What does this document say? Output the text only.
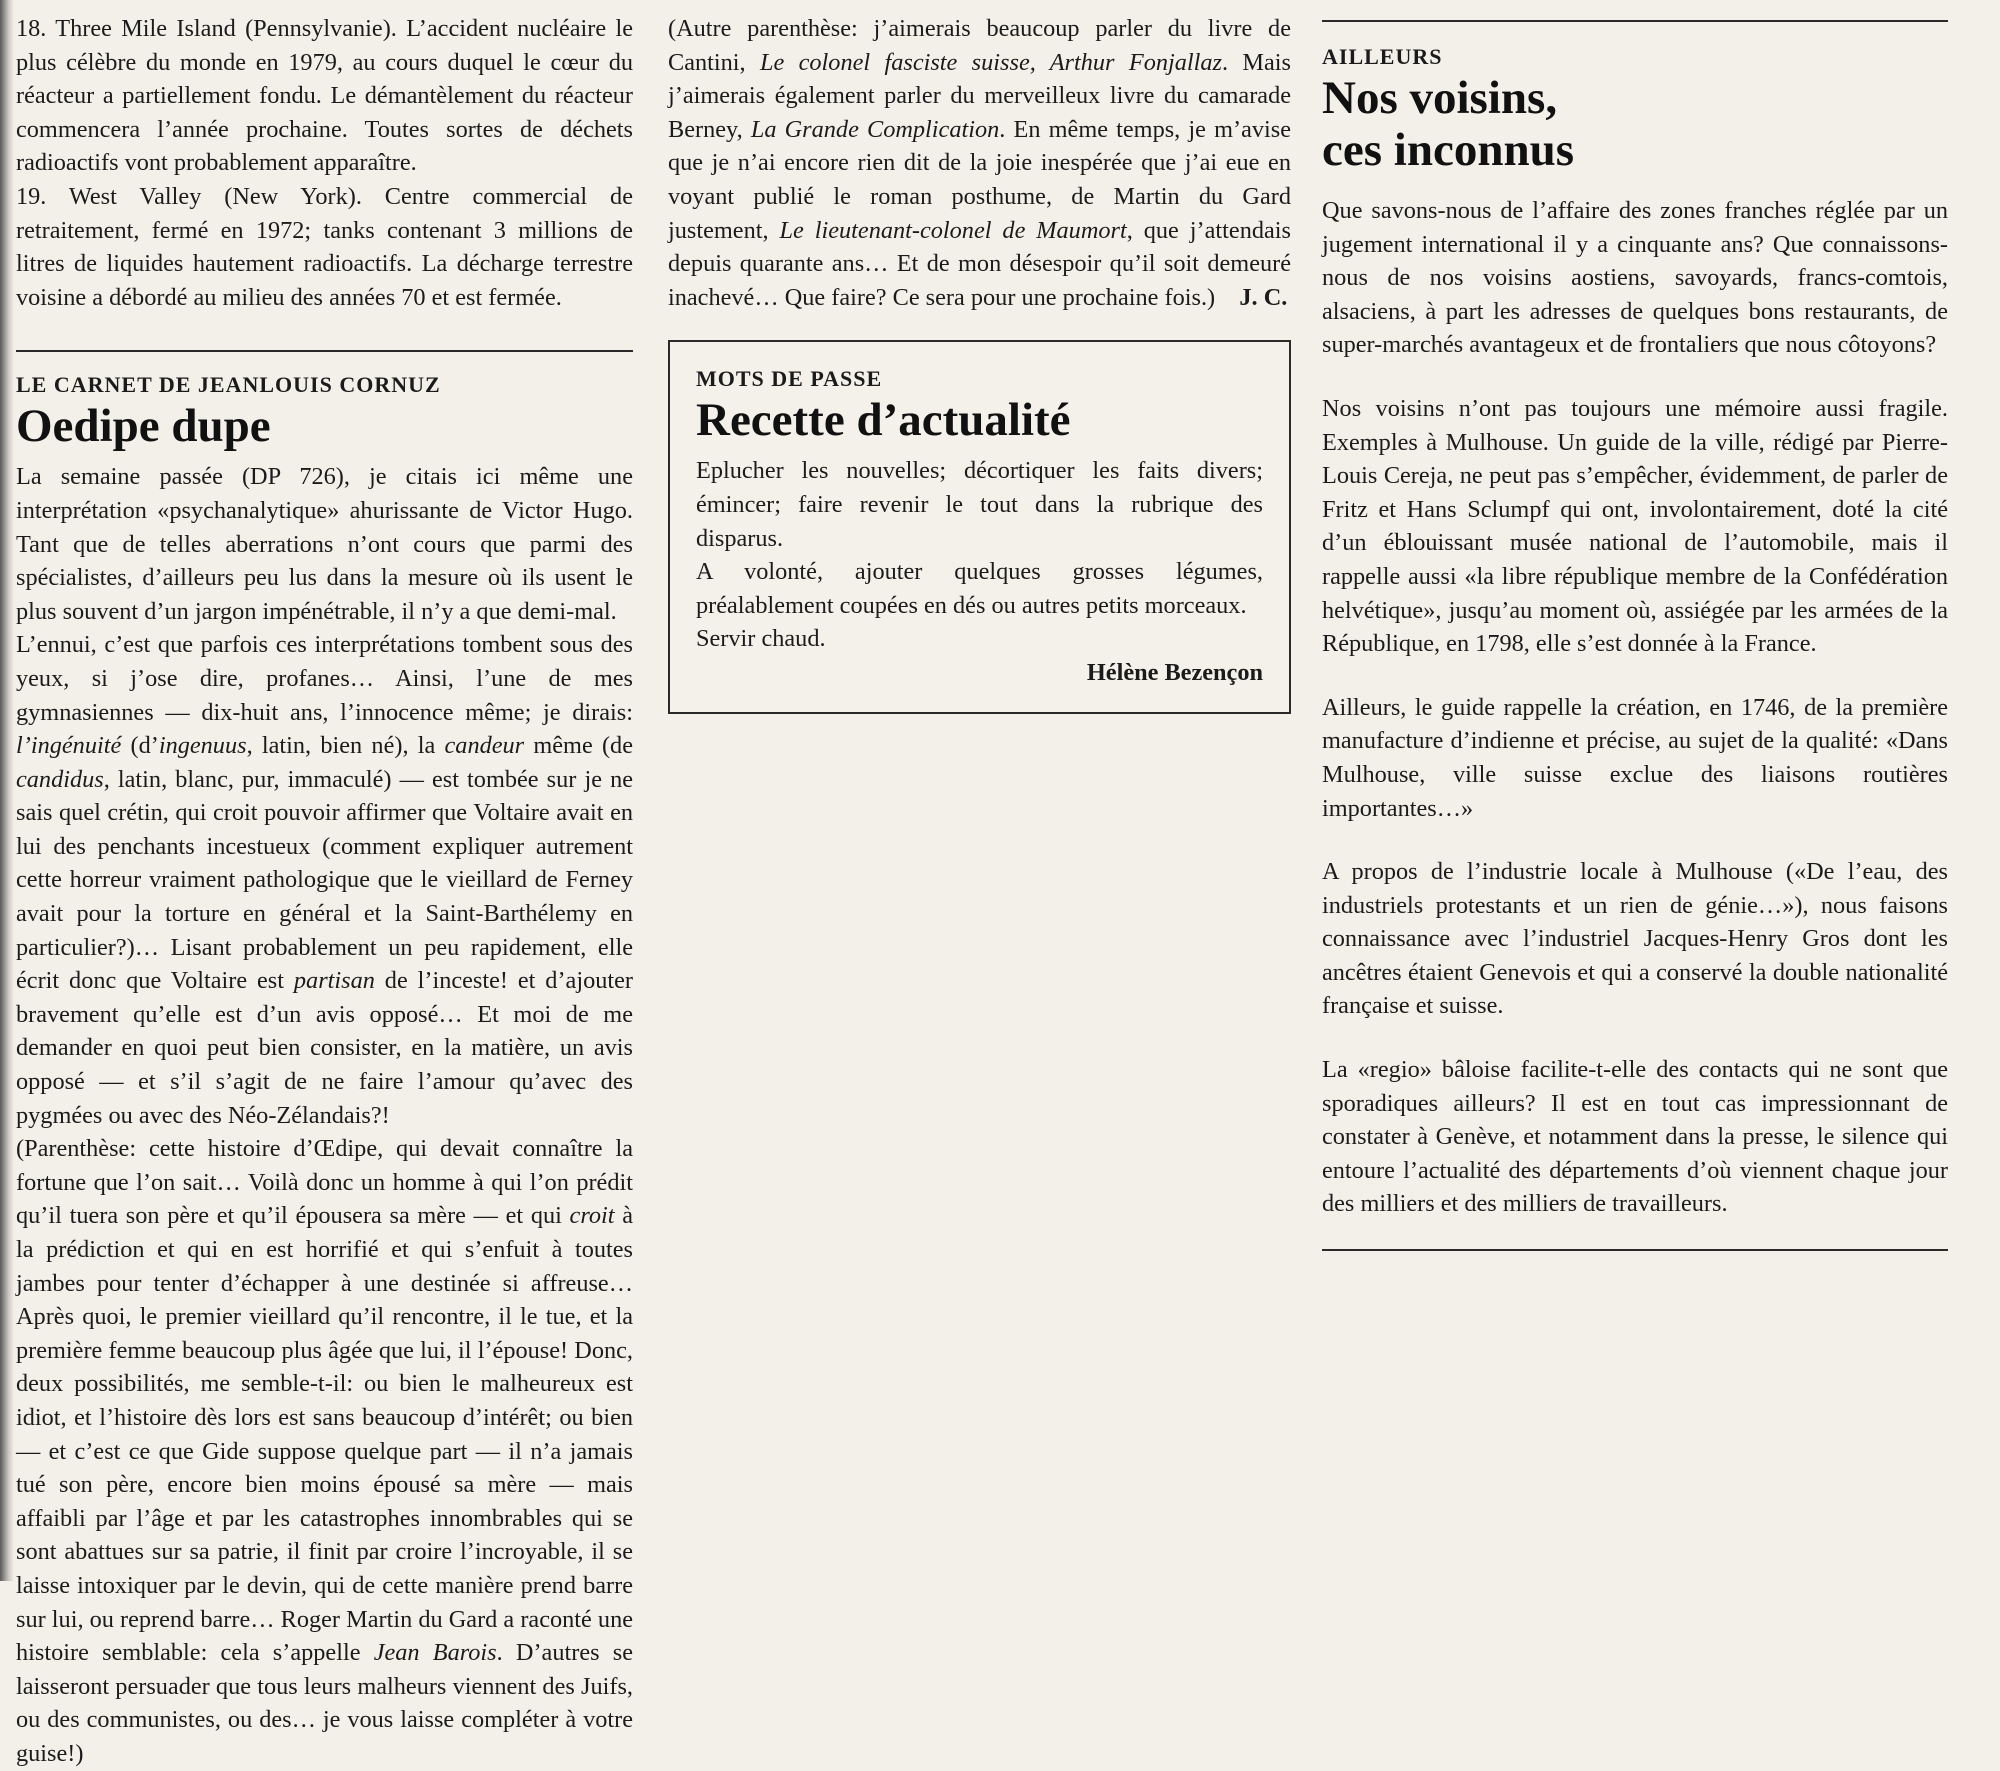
18. Three Mile Island (Pennsylvanie). L’accident nucléaire le plus célèbre du monde en 1979, au cours duquel le cœur du réacteur a partiellement fondu. Le démantèlement du réacteur commencera l’année prochaine. Toutes sortes de déchets radioactifs vont probablement apparaître.

19. West Valley (New York). Centre commercial de retraitement, fermé en 1972; tanks contenant 3 millions de litres de liquides hautement radioactifs. La décharge terrestre voisine a débordé au milieu des années 70 et est fermée.

LE CARNET DE JEANLOUIS CORNUZ
Oedipe dupe

La semaine passée (DP 726), je citais ici même une interprétation «psychanalytique» ahurissante de Victor Hugo. Tant que de telles aberrations n’ont cours que parmi des spécialistes, d’ailleurs peu lus dans la mesure où ils usent le plus souvent d’un jargon impénétrable, il n’y a que demi-mal.

L’ennui, c’est que parfois ces interprétations tombent sous des yeux, si j’ose dire, profanes… Ainsi, l’une de mes gymnasiennes — dix-huit ans, l’innocence même; je dirais: l’ingénuité (d’ingenuus, latin, bien né), la candeur même (de candidus, latin, blanc, pur, immaculé) — est tombée sur je ne sais quel crétin, qui croit pouvoir affirmer que Voltaire avait en lui des penchants incestueux (comment expliquer autrement cette horreur vraiment pathologique que le vieillard de Ferney avait pour la torture en général et la Saint-Barthélemy en particulier?)… Lisant probablement un peu rapidement, elle écrit donc que Voltaire est partisan de l’inceste! et d’ajouter bravement qu’elle est d’un avis opposé… Et moi de me demander en quoi peut bien consister, en la matière, un avis opposé — et s’il s’agit de ne faire l’amour qu’avec des pygmées ou avec des Néo-Zélandais?!

(Parenthèse: cette histoire d’Œdipe, qui devait connaître la fortune que l’on sait… Voilà donc un homme à qui l’on prédit qu’il tuera son père et qu’il épousera sa mère — et qui croit à la prédiction et qui en est horrifié et qui s’enfuit à toutes jambes pour tenter d’échapper à une destinée si affreuse… Après quoi, le premier vieillard qu’il rencontre, il le tue, et la première femme beaucoup plus âgée que lui, il l’épouse! Donc, deux possibilités, me semble-t-il: ou bien le malheureux est idiot, et l’histoire dès lors est sans beaucoup d’intérêt; ou bien — et c’est ce que Gide suppose quelque part — il n’a jamais tué son père, encore bien moins épousé sa mère — mais affaibli par l’âge et par les catastrophes innombrables qui se sont abattues sur sa patrie, il finit par croire l’incroyable, il se laisse intoxiquer par le devin, qui de cette manière prend barre sur lui, ou reprend barre… Roger Martin du Gard a raconté une histoire semblable: cela s’appelle Jean Barois. D’autres se laisseront persuader que tous leurs malheurs viennent des Juifs, ou des communistes, ou des… je vous laisse compléter à votre guise!)

(Autre parenthèse: j’aimerais beaucoup parler du livre de Cantini, Le colonel fasciste suisse, Arthur Fonjallaz. Mais j’aimerais également parler du merveilleux livre du camarade Berney, La Grande Complication. En même temps, je m’avise que je n’ai encore rien dit de la joie inespérée que j’ai eue en voyant publié le roman posthume, de Martin du Gard justement, Le lieutenant-colonel de Maumort, que j’attendais depuis quarante ans… Et de mon désespoir qu’il soit demeuré inachevé… Que faire? Ce sera pour une prochaine fois.) J. C.

MOTS DE PASSE
Recette d’actualité

Eplucher les nouvelles; décortiquer les faits divers; émincer; faire revenir le tout dans la rubrique des disparus.

A volonté, ajouter quelques grosses légumes, préalablement coupées en dés ou autres petits morceaux.

Servir chaud.

Hélène Bezençon
AILLEURS
Nos voisins,
ces inconnus

Que savons-nous de l’affaire des zones franches réglée par un jugement international il y a cinquante ans? Que connaissons-nous de nos voisins aostiens, savoyards, francs-comtois, alsaciens, à part les adresses de quelques bons restaurants, de super-marchés avantageux et de frontaliers que nous côtoyons?

Nos voisins n’ont pas toujours une mémoire aussi fragile. Exemples à Mulhouse. Un guide de la ville, rédigé par Pierre-Louis Cereja, ne peut pas s’empêcher, évidemment, de parler de Fritz et Hans Sclumpf qui ont, involontairement, doté la cité d’un éblouissant musée national de l’automobile, mais il rappelle aussi «la libre république membre de la Confédération helvétique», jusqu’au moment où, assiégée par les armées de la République, en 1798, elle s’est donnée à la France.

Ailleurs, le guide rappelle la création, en 1746, de la première manufacture d’indienne et précise, au sujet de la qualité: «Dans Mulhouse, ville suisse exclue des liaisons routières importantes…»

A propos de l’industrie locale à Mulhouse («De l’eau, des industriels protestants et un rien de génie…»), nous faisons connaissance avec l’industriel Jacques-Henry Gros dont les ancêtres étaient Genevois et qui a conservé la double nationalité française et suisse.

La «regio» bâloise facilite-t-elle des contacts qui ne sont que sporadiques ailleurs? Il est en tout cas impressionnant de constater à Genève, et notamment dans la presse, le silence qui entoure l’actualité des départements d’où viennent chaque jour des milliers et des milliers de travailleurs.
